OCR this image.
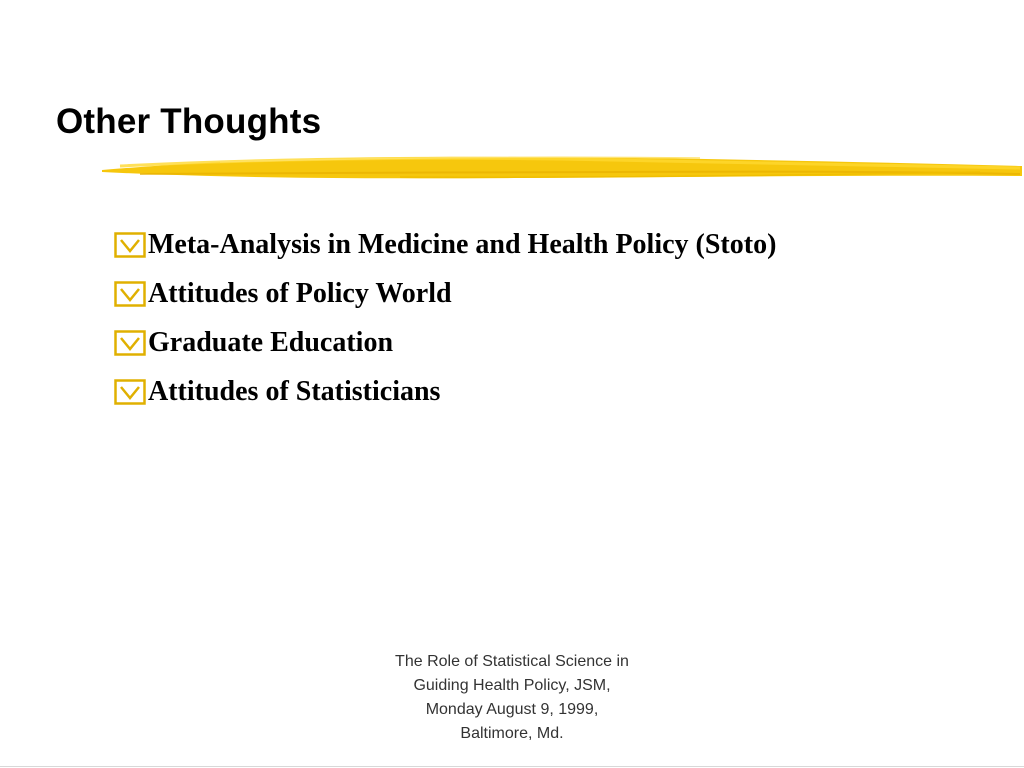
Other Thoughts
Meta-Analysis in Medicine and Health Policy (Stoto)
Attitudes of Policy World
Graduate Education
Attitudes of Statisticians
The Role of Statistical Science in
Guiding Health Policy, JSM,
Monday August 9, 1999,
Baltimore, Md.
